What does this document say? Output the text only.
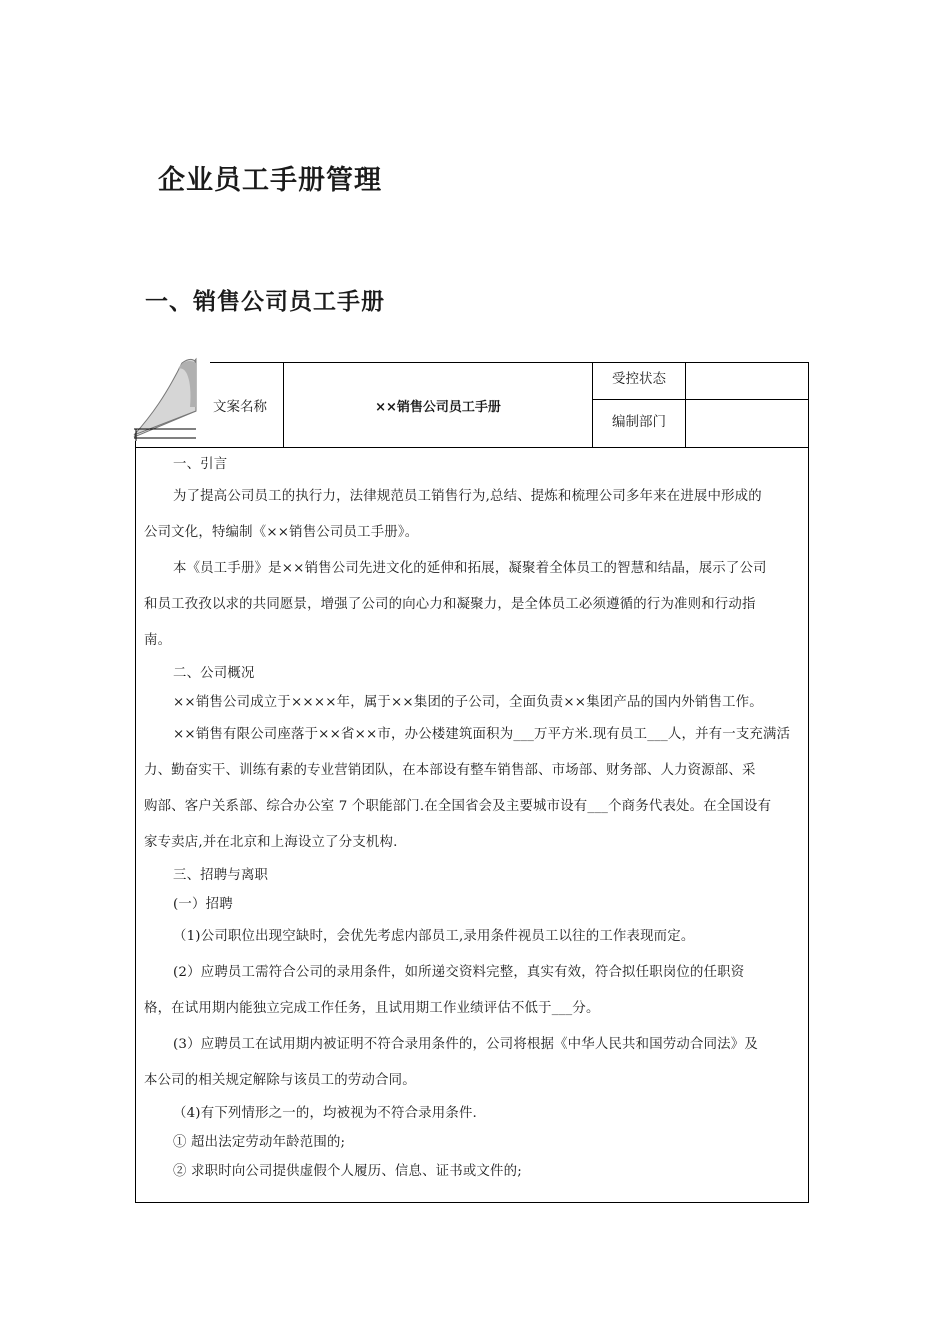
企业员工手册管理
一、销售公司员工手册
文案名称	××销售公司员工手册
受控状态
编制部门

一、引言

为了提高公司员工的执行力，法律规范员工销售行为,总结、提炼和梳理公司多年来在进展中形成的

公司文化，特编制《××销售公司员工手册》。

本《员工手册》是××销售公司先进文化的延伸和拓展，凝聚着全体员工的智慧和结晶，展示了公司

和员工孜孜以求的共同愿景，增强了公司的向心力和凝聚力，是全体员工必须遵循的行为准则和行动指

南。

二、公司概况

××销售公司成立于××××年，属于××集团的子公司，全面负责××集团产品的国内外销售工作。

××销售有限公司座落于××省××市，办公楼建筑面积为___万平方米.现有员工___人，并有一支充满活

力、勤奋实干、训练有素的专业营销团队，在本部设有整车销售部、市场部、财务部、人力资源部、采

购部、客户关系部、综合办公室 7 个职能部门.在全国省会及主要城市设有___个商务代表处。在全国设有

家专卖店,并在北京和上海设立了分支机构.

三、招聘与离职

(一）招聘

（1)公司职位出现空缺时，会优先考虑内部员工,录用条件视员工以往的工作表现而定。

(2）应聘员工需符合公司的录用条件，如所递交资料完整，真实有效，符合拟任职岗位的任职资

格，在试用期内能独立完成工作任务，且试用期工作业绩评估不低于___分。

(3）应聘员工在试用期内被证明不符合录用条件的，公司将根据《中华人民共和国劳动合同法》及

本公司的相关规定解除与该员工的劳动合同。

（4)有下列情形之一的，均被视为不符合录用条件.

① 超出法定劳动年龄范围的;

② 求职时向公司提供虚假个人履历、信息、证书或文件的;
